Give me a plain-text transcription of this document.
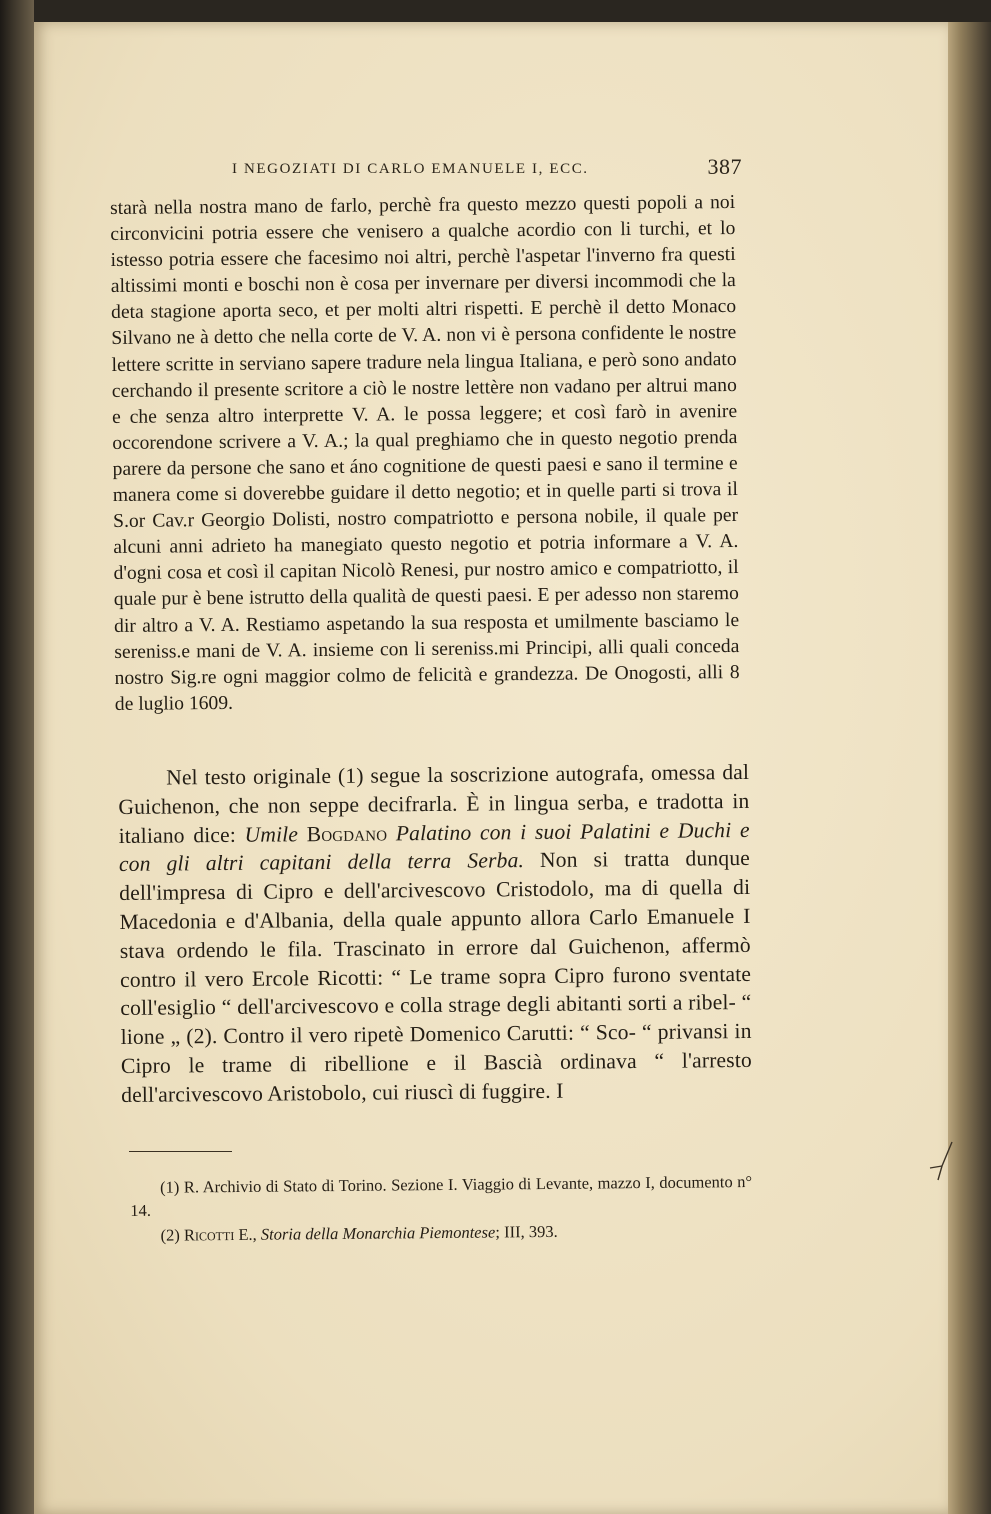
I NEGOZIATI DI CARLO EMANUELE I, ECC.	387

starà nella nostra mano de farlo, perchè fra questo mezzo questi popoli a noi circonvicini potria essere che venisero a qualche acordio con li turchi, et lo istesso potria essere che facesimo noi altri, perchè l'aspetar l'inverno fra questi altissimi monti e boschi non è cosa per invernare per diversi incommodi che la deta stagione aporta seco, et per molti altri rispetti. E perchè il detto Monaco Silvano ne à detto che nella corte de V. A. non vi è persona confidente le nostre lettere scritte in serviano sapere tradure nela lingua Italiana, e però sono andato cerchando il presente scritore a ciò le nostre lettère non vadano per altrui mano e che senza altro interprette V. A. le possa leggere; et così farò in avenire occorendone scrivere a V. A.; la qual preghiamo che in questo negotio prenda parere da persone che sano et áno cognitione de questi paesi e sano il termine e manera come si doverebbe guidare il detto negotio; et in quelle parti si trova il S.or Cav.r Georgio Dolisti, nostro compatriotto e persona nobile, il quale per alcuni anni adrieto ha manegiato questo negotio et potria informare a V. A. d'ogni cosa et così il capitan Nicolò Renesi, pur nostro amico e compatriotto, il quale pur è bene istrutto della qualità de questi paesi. E per adesso non staremo dir altro a V. A. Restiamo aspetando la sua resposta et umilmente basciamo le sereniss.e mani de V. A. insieme con li sereniss.mi Principi, alli quali conceda nostro Sig.re ogni maggior colmo de felicità e grandezza. De Onogosti, alli 8 de luglio 1609.

Nel testo originale (1) segue la soscrizione autografa, omessa dal Guichenon, che non seppe decifrarla. È in lingua serba, e tradotta in italiano dice: Umile Bogdano Palatino con i suoi Palatini e Duchi e con gli altri capitani della terra Serba. Non si tratta dunque dell'impresa di Cipro e dell'arcivescovo Cristodolo, ma di quella di Macedonia e d'Albania, della quale appunto allora Carlo Emanuele I stava ordendo le fila. Trascinato in errore dal Guichenon, affermò contro il vero Ercole Ricotti: “ Le trame sopra Cipro furono sventate coll'esiglio “ dell'arcivescovo e colla strage degli abitanti sorti a ribel- “ lione „ (2). Contro il vero ripetè Domenico Carutti: “ Sco- “ privansi in Cipro le trame di ribellione e il Bascià ordinava “ l'arresto dell'arcivescovo Aristobolo, cui riuscì di fuggire. I

(1) R. Archivio di Stato di Torino. Sezione I. Viaggio di Levante, mazzo I, documento n° 14.

(2) Ricotti E., Storia della Monarchia Piemontese; III, 393.
